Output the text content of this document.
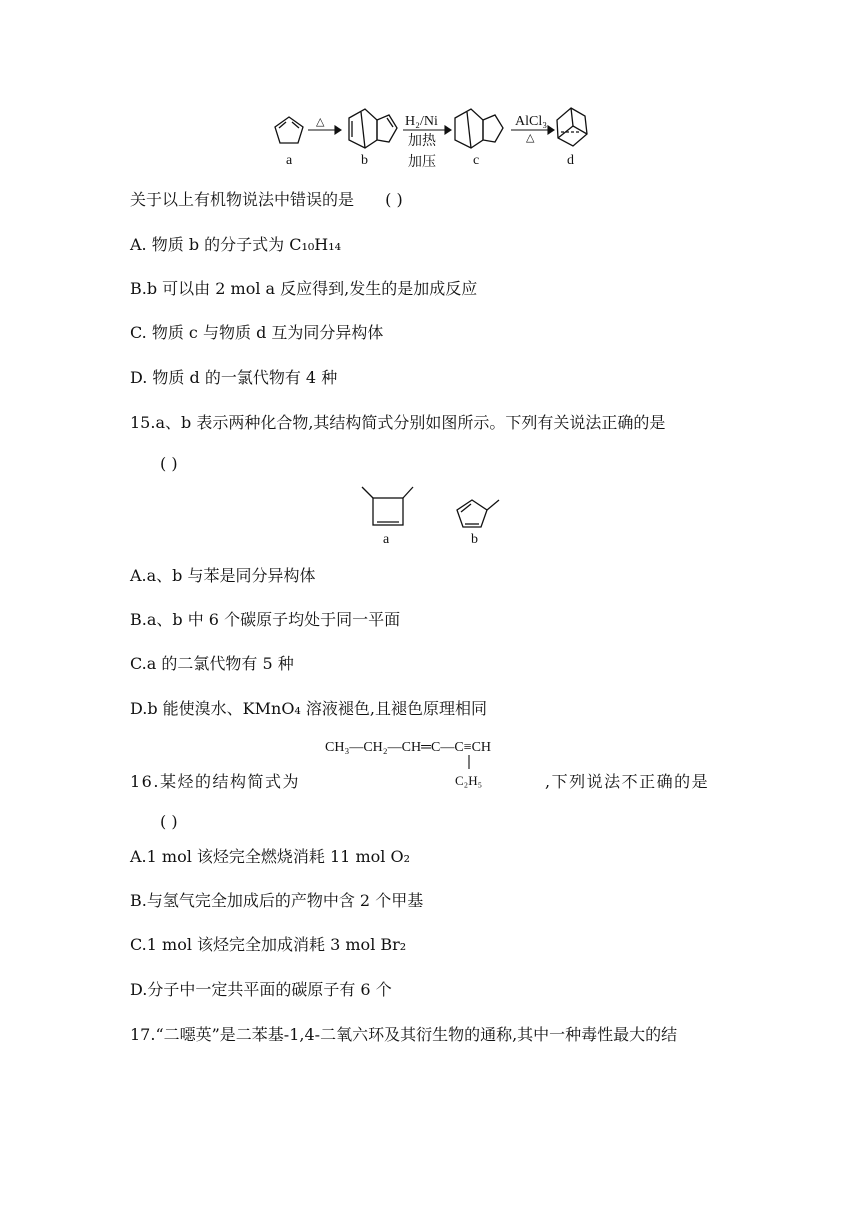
a
△
b
H₂/Ni
加热
加压	c
AlCl₃
△
d
关于以上有机物说法中错误的是 ( )
A. 物质 b 的分子式为 C₁₀H₁₄
B.b 可以由 2 mol a 反应得到,发生的是加成反应
C. 物质 c 与物质 d 互为同分异构体
D. 物质 d 的一氯代物有 4 种
15.a、b 表示两种化合物,其结构简式分别如图所示。下列有关说法正确的是
( )
a	b
A.a、b 与苯是同分异构体
B.a、b 中 6 个碳原子均处于同一平面
C.a 的二氯代物有 5 种
D.b 能使溴水、KMnO₄ 溶液褪色,且褪色原理相同
CH₃—CH₂—CH═C—C≡CH
C₂H₅
16.某烃的结构简式为	,下列说法不正确的是
( )
A.1 mol 该烃完全燃烧消耗 11 mol O₂
B.与氢气完全加成后的产物中含 2 个甲基
C.1 mol 该烃完全加成消耗 3 mol Br₂
D.分子中一定共平面的碳原子有 6 个
17.“二噁英”是二苯基-1,4-二氧六环及其衍生物的通称,其中一种毒性最大的结
